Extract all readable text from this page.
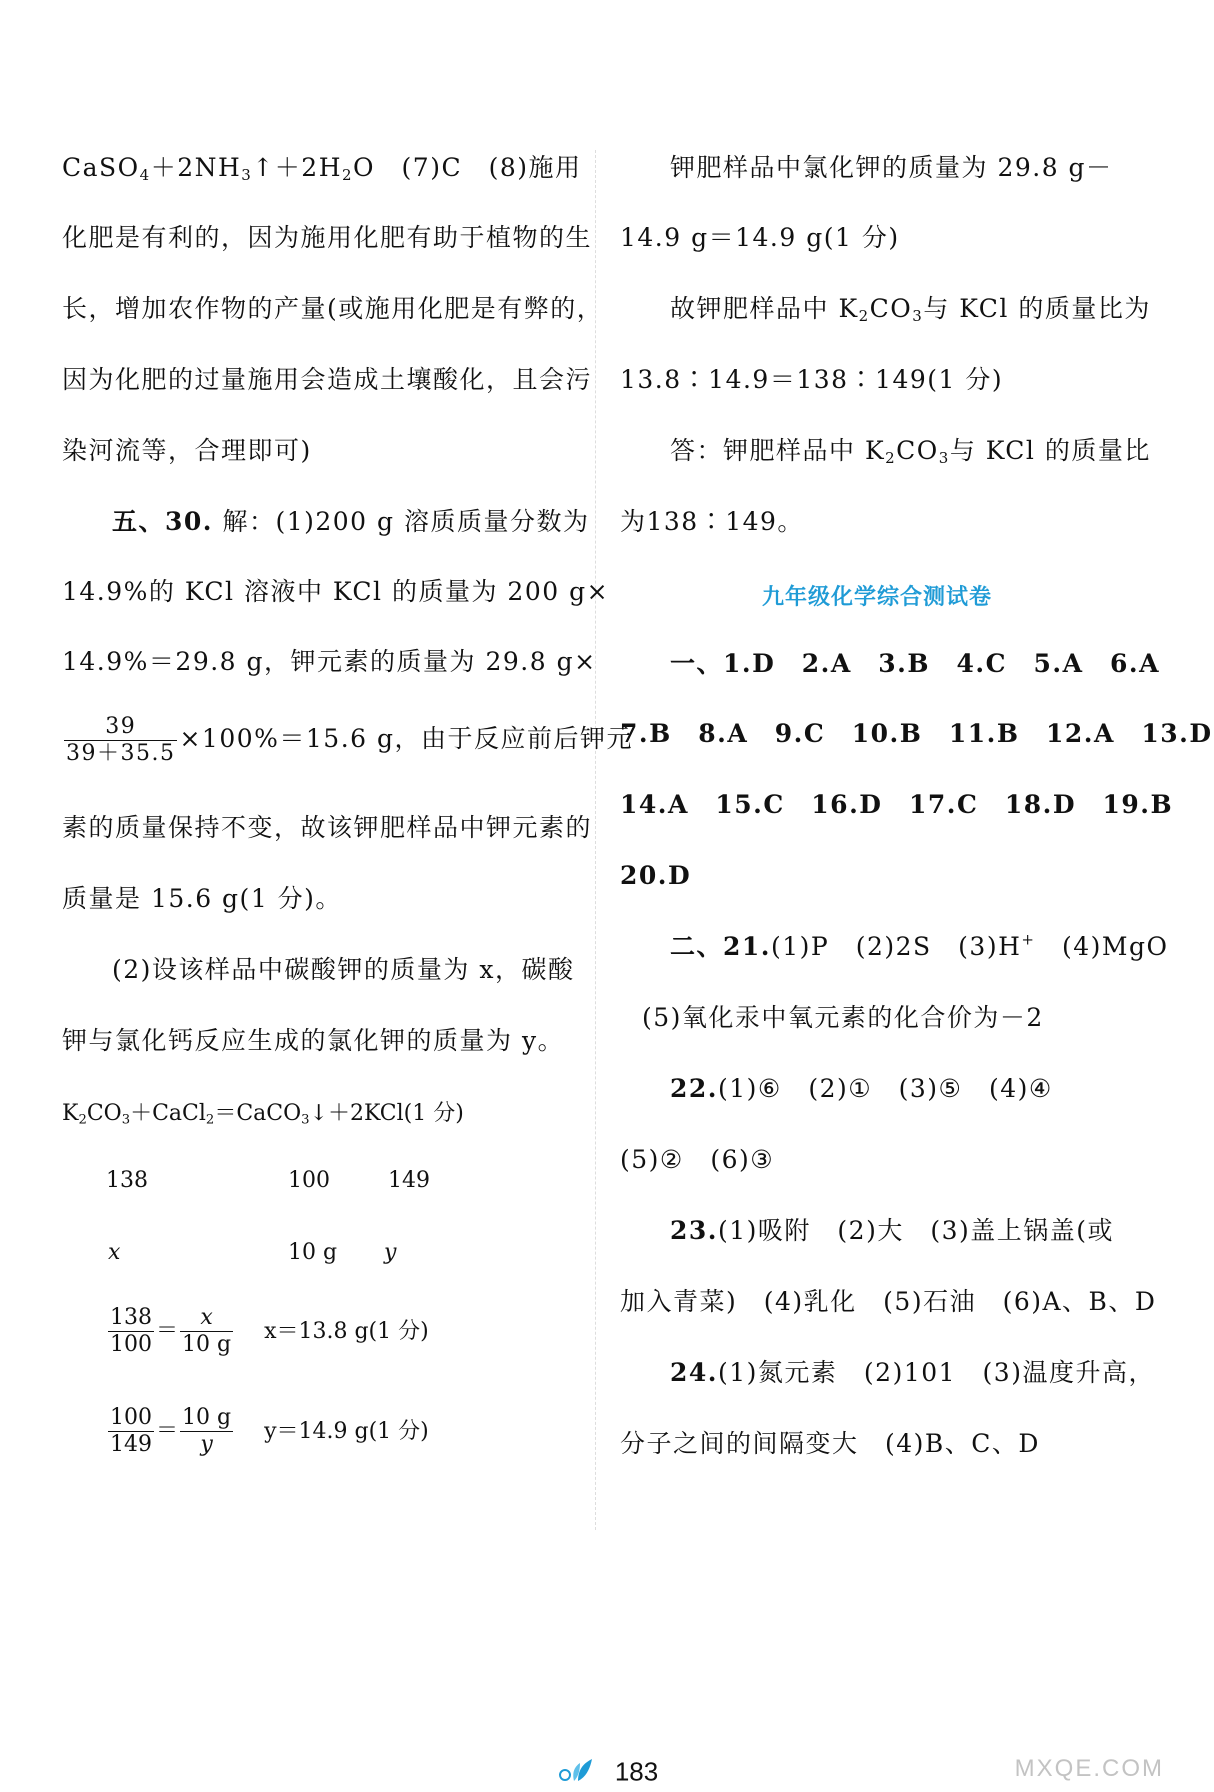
$CaSO_4+2NH_3↑+2H_2O$　(7)C　(8)施用
化肥是有利的，因为施用化肥有助于植物的生
长，增加农作物的产量(或施用化肥是有弊的，
因为化肥的过量施用会造成土壤酸化，且会污
染河流等，合理即可)
五、30. 解：(1)200 g 溶质质量分数为
14.9%的 KCl 溶液中 KCl 的质量为 200 g×
14.9%＝29.8 g，钾元素的质量为 29.8 g×
$\frac{39}{39+35.5} \times 100\%=15.6$ g，由于反应前后钾元
素的质量保持不变，故该钾肥样品中钾元素的
质量是 15.6 g(1 分)。
(2)设该样品中碳酸钾的质量为 x，碳酸
钾与氯化钙反应生成的氯化钾的质量为 y。
$K_2CO_3+CaCl_2=CaCO_3↓+2KCl(1$ 分)
138	100	149
x	10 g y
$\frac{138}{100} = \frac{x}{10 g} x=13.8$ g(1 分)
$\frac{100}{149} = \frac{10 g}{y} y=14.9$ g(1 分)
钾肥样品中氯化钾的质量为 29.8 g－
14.9 g＝14.9 g(1 分)
故钾肥样品中 $K_2CO_3$与 KCl 的质量比为
13.8∶14.9＝138∶149(1 分)
答：钾肥样品中 $K_2CO_3$与 KCl 的质量比
为138∶149。
九年级化学综合测试卷
一、1.D　2.A　3.B　4.C　5.A　6.A
7.B　8.A　9.C　10.B　11.B　12.A　13.D
14.A　15.C　16.D　17.C　18.D　19.B
20.D
二、21.(1)P　(2)2S　(3)H+　(4)MgO
(5)氧化汞中氧元素的化合价为－2
22.(1)⑥　(2)①　(3)⑤　(4)④
(5)②　(6)③
23.(1)吸附　(2)大　(3)盖上锅盖(或
加入青菜)　(4)乳化　(5)石油　(6)A、B、D
24.(1)氮元素　(2)101　(3)温度升高，
分子之间的间隔变大　(4)B、C、D
183	MXQE.COM
